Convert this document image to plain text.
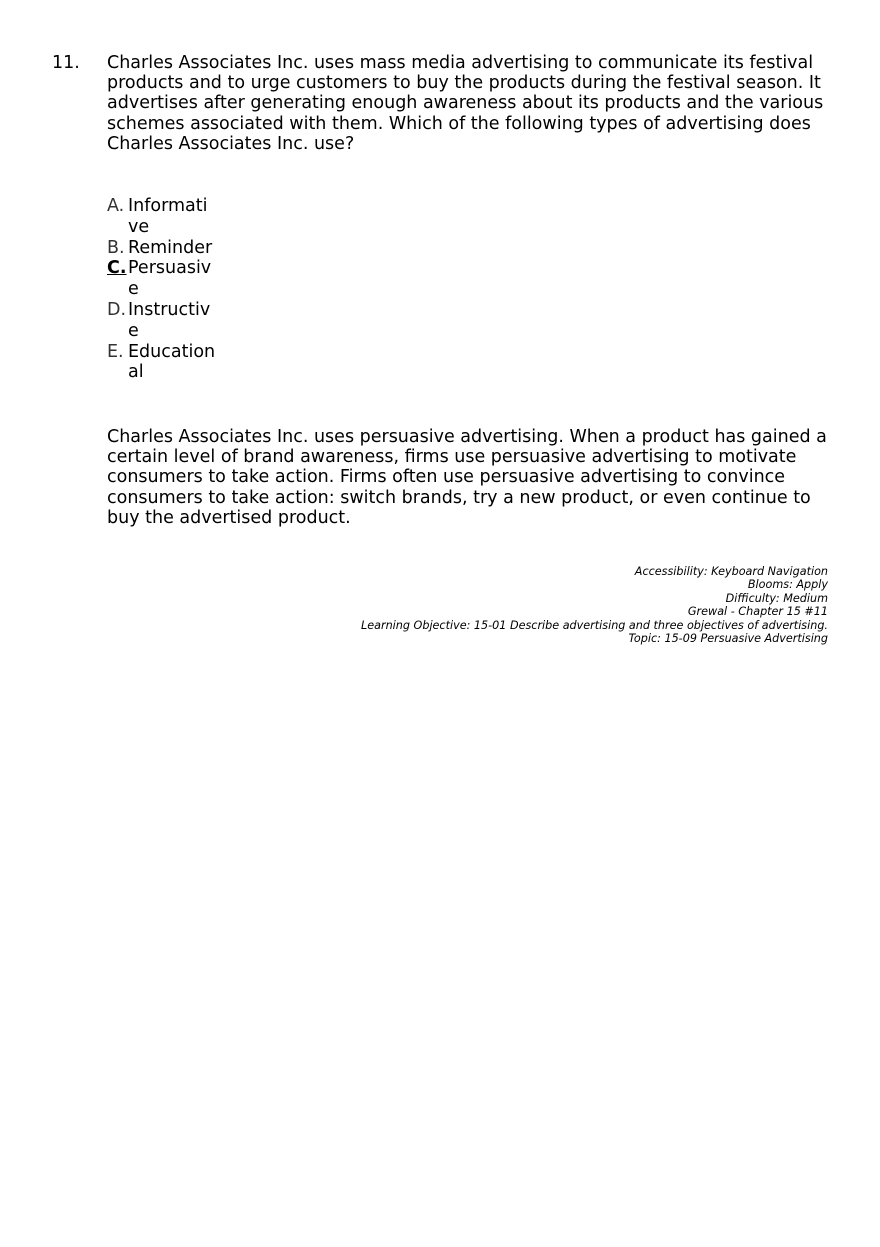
11. Charles Associates Inc. uses mass media advertising to communicate its festival products and to urge customers to buy the products during the festival season. It advertises after generating enough awareness about its products and the various schemes associated with them. Which of the following types of advertising does Charles Associates Inc. use?
A. Informative
B. Reminder
C. Persuasive
D. Instructive
E. Educational
Charles Associates Inc. uses persuasive advertising. When a product has gained a certain level of brand awareness, firms use persuasive advertising to motivate consumers to take action. Firms often use persuasive advertising to convince consumers to take action: switch brands, try a new product, or even continue to buy the advertised product.
Accessibility: Keyboard Navigation
Blooms: Apply
Difficulty: Medium
Grewal - Chapter 15 #11
Learning Objective: 15-01 Describe advertising and three objectives of advertising.
Topic: 15-09 Persuasive Advertising
